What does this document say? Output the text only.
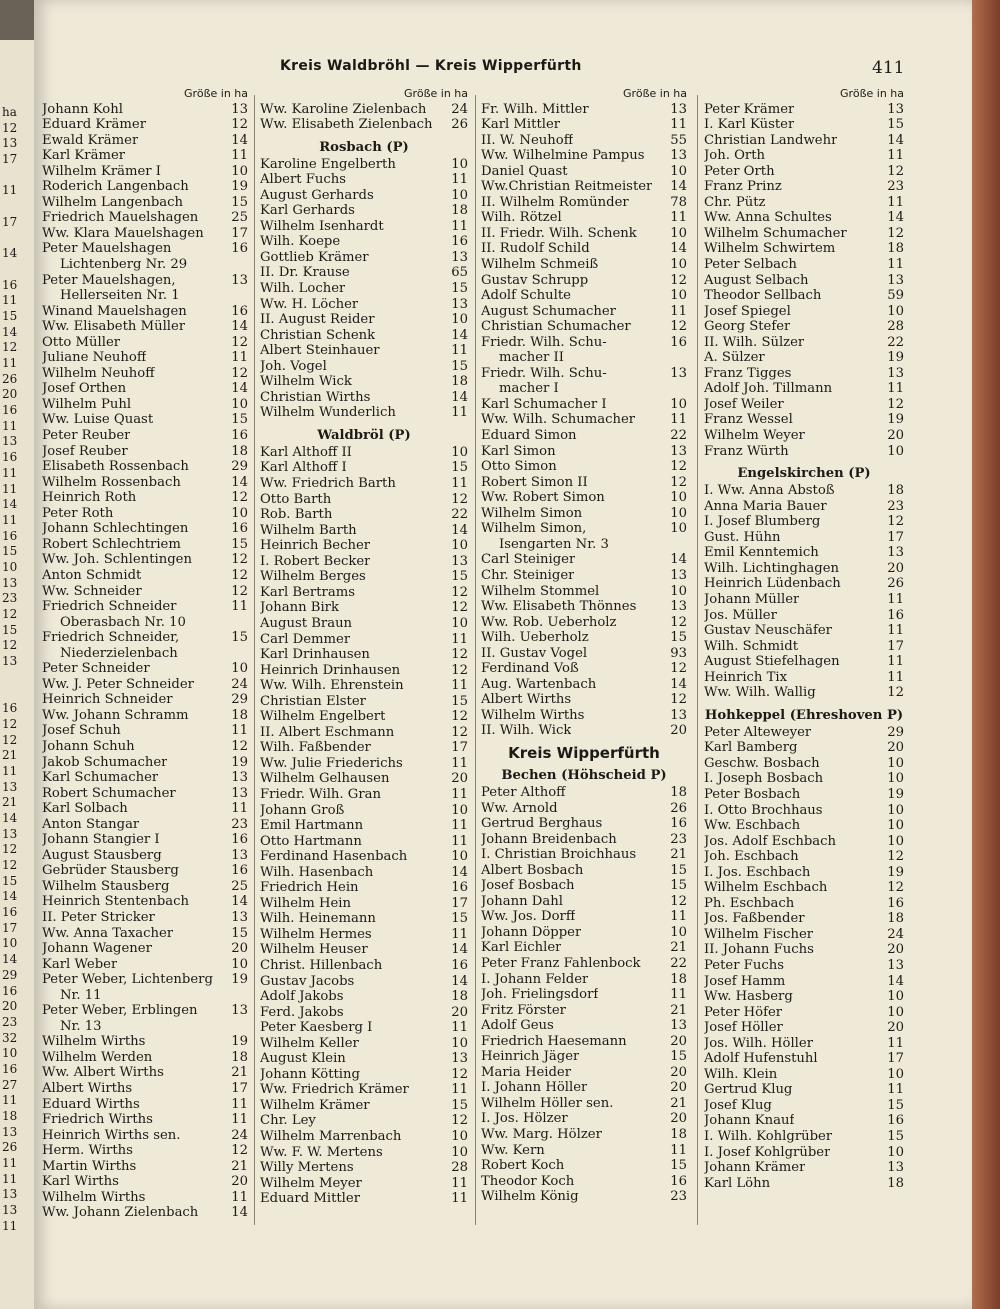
ha
12
13
17
11
17
14
16
11
15
14
12
11
26
20
16
11
13
16
11
11
14
11
16
15
10
13
23
12
15
12
13
16
12
12
21
11
13
21
14
13
12
12
15
14
16
17
10
14
29
16
20
23
32
10
16
27
11
18
13
26
11
11
13
13
11
Kreis Waldbröhl — Kreis Wipperfürth	411
Größe in ha
Johann Kohl	13
Eduard Krämer	12
Ewald Krämer	14
Karl Krämer	11
Wilhelm Krämer I	10
Roderich Langenbach	19
Wilhelm Langenbach	15
Friedrich Mauelshagen	25
Ww. Klara Mauelshagen	17
Peter Mauelshagen	16
Lichtenberg Nr. 29
Peter Mauelshagen,	13
Hellerseiten Nr. 1
Winand Mauelshagen	16
Ww. Elisabeth Müller	14
Otto Müller	12
Juliane Neuhoff	11
Wilhelm Neuhoff	12
Josef Orthen	14
Wilhelm Puhl	10
Ww. Luise Quast	15
Peter Reuber	16
Josef Reuber	18
Elisabeth Rossenbach	29
Wilhelm Rossenbach	14
Heinrich Roth	12
Peter Roth	10
Johann Schlechtingen	16
Robert Schlechtriem	15
Ww. Joh. Schlentingen	12
Anton Schmidt	12
Ww. Schneider	12
Friedrich Schneider	11
Oberasbach Nr. 10
Friedrich Schneider,	15
Niederzielenbach
Peter Schneider	10
Ww. J. Peter Schneider	24
Heinrich Schneider	29
Ww. Johann Schramm	18
Josef Schuh	11
Johann Schuh	12
Jakob Schumacher	19
Karl Schumacher	13
Robert Schumacher	13
Karl Solbach	11
Anton Stangar	23
Johann Stangier I	16
August Stausberg	13
Gebrüder Stausberg	16
Wilhelm Stausberg	25
Heinrich Stentenbach	14
II. Peter Stricker	13
Ww. Anna Taxacher	15
Johann Wagener	20
Karl Weber	10
Peter Weber, Lichtenberg	19
Nr. 11
Peter Weber, Erblingen	13
Nr. 13
Wilhelm Wirths	19
Wilhelm Werden	18
Ww. Albert Wirths	21
Albert Wirths	17
Eduard Wirths	11
Friedrich Wirths	11
Heinrich Wirths sen.	24
Herm. Wirths	12
Martin Wirths	21
Karl Wirths	20
Wilhelm Wirths	11
Ww. Johann Zielenbach	14
Größe in ha
Ww. Karoline Zielenbach	24
Ww. Elisabeth Zielenbach	26
Rosbach (P)
Karoline Engelberth	10
Albert Fuchs	11
August Gerhards	10
Karl Gerhards	18
Wilhelm Isenhardt	11
Wilh. Koepe	16
Gottlieb Krämer	13
II. Dr. Krause	65
Wilh. Locher	15
Ww. H. Löcher	13
II. August Reider	10
Christian Schenk	14
Albert Steinhauer	11
Joh. Vogel	15
Wilhelm Wick	18
Christian Wirths	14
Wilhelm Wunderlich	11
Waldbröl (P)
Karl Althoff II	10
Karl Althoff I	15
Ww. Friedrich Barth	11
Otto Barth	12
Rob. Barth	22
Wilhelm Barth	14
Heinrich Becher	10
I. Robert Becker	13
Wilhelm Berges	15
Karl Bertrams	12
Johann Birk	12
August Braun	10
Carl Demmer	11
Karl Drinhausen	12
Heinrich Drinhausen	12
Ww. Wilh. Ehrenstein	11
Christian Elster	15
Wilhelm Engelbert	12
II. Albert Eschmann	12
Wilh. Faßbender	17
Ww. Julie Friederichs	11
Wilhelm Gelhausen	20
Friedr. Wilh. Gran	11
Johann Groß	10
Emil Hartmann	11
Otto Hartmann	11
Ferdinand Hasenbach	10
Wilh. Hasenbach	14
Friedrich Hein	16
Wilhelm Hein	17
Wilh. Heinemann	15
Wilhelm Hermes	11
Wilhelm Heuser	14
Christ. Hillenbach	16
Gustav Jacobs	14
Adolf Jakobs	18
Ferd. Jakobs	20
Peter Kaesberg I	11
Wilhelm Keller	10
August Klein	13
Johann Kötting	12
Ww. Friedrich Krämer	11
Wilhelm Krämer	15
Chr. Ley	12
Wilhelm Marrenbach	10
Ww. F. W. Mertens	10
Willy Mertens	28
Wilhelm Meyer	11
Eduard Mittler	11
Größe in ha
Fr. Wilh. Mittler	13
Karl Mittler	11
II. W. Neuhoff	55
Ww. Wilhelmine Pampus	13
Daniel Quast	10
Ww.Christian Reitmeister	14
II. Wilhelm Romünder	78
Wilh. Rötzel	11
II. Friedr. Wilh. Schenk	10
II. Rudolf Schild	14
Wilhelm Schmeiß	10
Gustav Schrupp	12
Adolf Schulte	10
August Schumacher	11
Christian Schumacher	12
Friedr. Wilh. Schu-	16
macher II
Friedr. Wilh. Schu-	13
macher I
Karl Schumacher I	10
Ww. Wilh. Schumacher	11
Eduard Simon	22
Karl Simon	13
Otto Simon	12
Robert Simon II	12
Ww. Robert Simon	10
Wilhelm Simon	10
Wilhelm Simon,	10
Isengarten Nr. 3
Carl Steiniger	14
Chr. Steiniger	13
Wilhelm Stommel	10
Ww. Elisabeth Thönnes	13
Ww. Rob. Ueberholz	12
Wilh. Ueberholz	15
II. Gustav Vogel	93
Ferdinand Voß	12
Aug. Wartenbach	14
Albert Wirths	12
Wilhelm Wirths	13
II. Wilh. Wick	20
Kreis Wipperfürth
Bechen (Höhscheid P)
Peter Althoff	18
Ww. Arnold	26
Gertrud Berghaus	16
Johann Breidenbach	23
I. Christian Broichhaus	21
Albert Bosbach	15
Josef Bosbach	15
Johann Dahl	12
Ww. Jos. Dorff	11
Johann Döpper	10
Karl Eichler	21
Peter Franz Fahlenbock	22
I. Johann Felder	18
Joh. Frielingsdorf	11
Fritz Förster	21
Adolf Geus	13
Friedrich Haesemann	20
Heinrich Jäger	15
Maria Heider	20
I. Johann Höller	20
Wilhelm Höller sen.	21
I. Jos. Hölzer	20
Ww. Marg. Hölzer	18
Ww. Kern	11
Robert Koch	15
Theodor Koch	16
Wilhelm König	23
Größe in ha
Peter Krämer	13
I. Karl Küster	15
Christian Landwehr	14
Joh. Orth	11
Peter Orth	12
Franz Prinz	23
Chr. Pütz	11
Ww. Anna Schultes	14
Wilhelm Schumacher	12
Wilhelm Schwirtem	18
Peter Selbach	11
August Selbach	13
Theodor Sellbach	59
Josef Spiegel	10
Georg Stefer	28
II. Wilh. Sülzer	22
A. Sülzer	19
Franz Tigges	13
Adolf Joh. Tillmann	11
Josef Weiler	12
Franz Wessel	19
Wilhelm Weyer	20
Franz Würth	10
Engelskirchen (P)
I. Ww. Anna Abstoß	18
Anna Maria Bauer	23
I. Josef Blumberg	12
Gust. Hühn	17
Emil Kenntemich	13
Wilh. Lichtinghagen	20
Heinrich Lüdenbach	26
Johann Müller	11
Jos. Müller	16
Gustav Neuschäfer	11
Wilh. Schmidt	17
August Stiefelhagen	11
Heinrich Tix	11
Ww. Wilh. Wallig	12
Hohkeppel (Ehreshoven P)
Peter Alteweyer	29
Karl Bamberg	20
Geschw. Bosbach	10
I. Joseph Bosbach	10
Peter Bosbach	19
I. Otto Brochhaus	10
Ww. Eschbach	10
Jos. Adolf Eschbach	10
Joh. Eschbach	12
I. Jos. Eschbach	19
Wilhelm Eschbach	12
Ph. Eschbach	16
Jos. Faßbender	18
Wilhelm Fischer	24
II. Johann Fuchs	20
Peter Fuchs	13
Josef Hamm	14
Ww. Hasberg	10
Peter Höfer	10
Josef Höller	20
Jos. Wilh. Höller	11
Adolf Hufenstuhl	17
Wilh. Klein	10
Gertrud Klug	11
Josef Klug	15
Johann Knauf	16
I. Wilh. Kohlgrüber	15
I. Josef Kohlgrüber	10
Johann Krämer	13
Karl Löhn	18
